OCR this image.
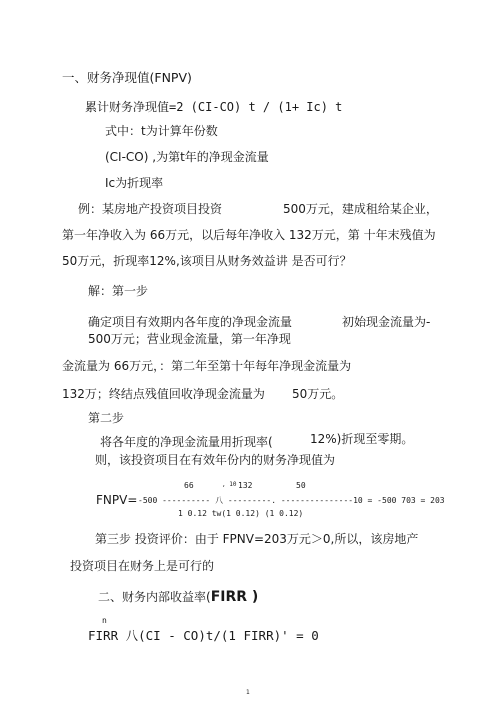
一、财务净现值(FNPV)
累计财务净现值=2 (CI-CO) t / (1+ Ic) t
式中：t为计算年份数
(CI-CO) ,为第t年的净现金流量
Ic为折现率
例：某房地产投资项目投资	500万元，建成租给某企业，
第一年净收入为 66万元，以后每年净收入 132万元，第 十年末残值为
50万元，折现率12%,该项目从财务效益讲 是否可行？
解：第一步
确定项目有效期内各年度的净现金流量	初始现金流量为-
500万元；营业现金流量，第一年净现
金流量为 66万元，：第二年至第十年每年净现金流量为
132万；终结点残值回收净现金流量为 50万元。
第二步
将各年度的净现金流量用折现率(	12%)折现至零期。
则，该投资项目在有效年份内的财务净现值为
66	, 10 132	50
FNPV= -500 ---------- 八 ---------. ---------------10 = -500 703 = 203
1 0.12 tw(1 0.12) (1 0.12)
第三步 投资评价：由于 FPNV=203万元＞0,所以，该房地产
投资项目在财务上是可行的
二、财务内部收益率(FIRR )
n
FIRR 八(CI - CO)t/(1 FIRR)' = 0
1
